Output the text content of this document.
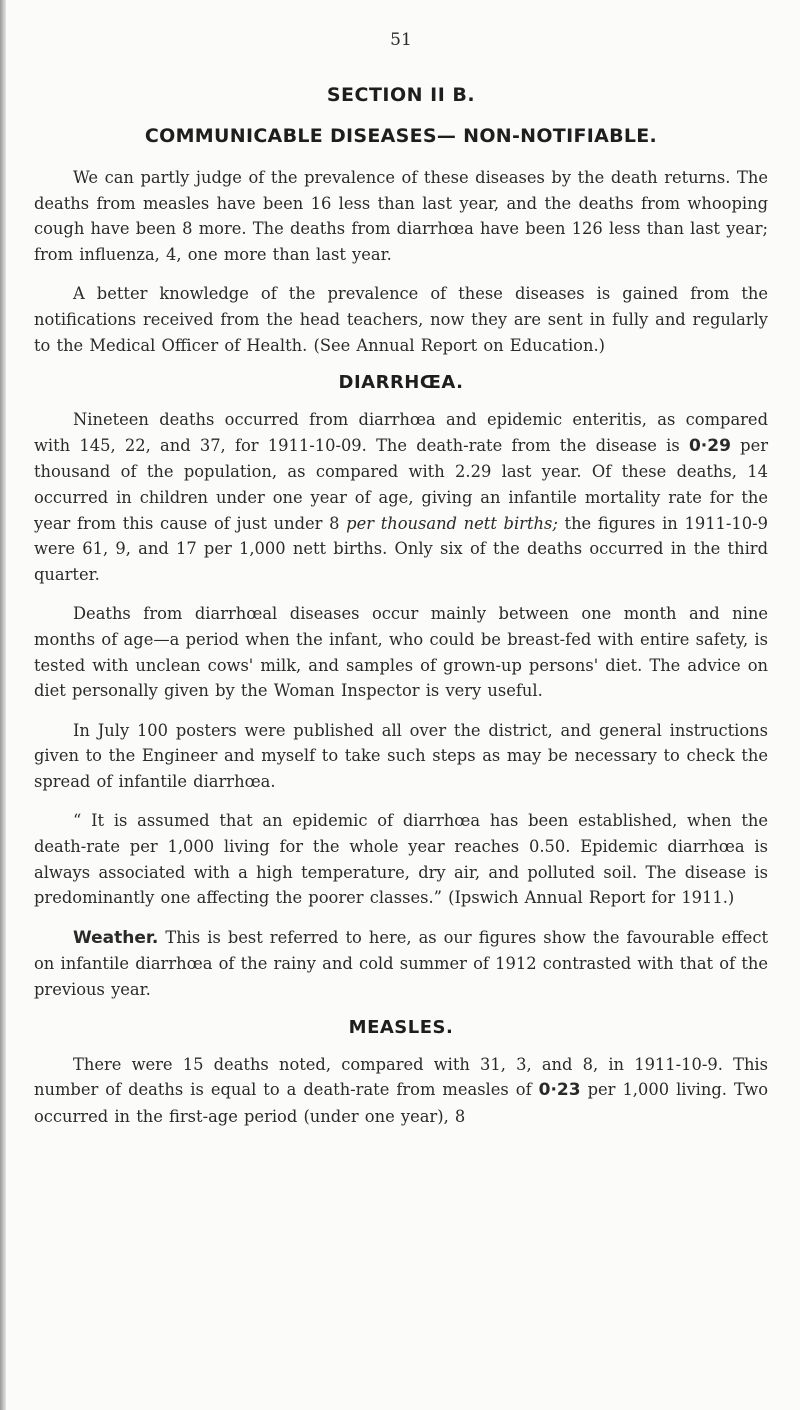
51
SECTION II B.
COMMUNICABLE DISEASES— NON-NOTIFIABLE.

We can partly judge of the prevalence of these diseases by the death returns. The deaths from measles have been 16 less than last year, and the deaths from whooping cough have been 8 more. The deaths from diarrhœa have been 126 less than last year; from influenza, 4, one more than last year.

A better knowledge of the prevalence of these diseases is gained from the notifications received from the head teachers, now they are sent in fully and regularly to the Medical Officer of Health. (See Annual Report on Education.)

DIARRHŒA.

Nineteen deaths occurred from diarrhœa and epidemic enteritis, as compared with 145, 22, and 37, for 1911-10-09. The death-rate from the disease is 0·29 per thousand of the population, as compared with 2.29 last year. Of these deaths, 14 occurred in children under one year of age, giving an infantile mortality rate for the year from this cause of just under 8 per thousand nett births; the figures in 1911-10-9 were 61, 9, and 17 per 1,000 nett births. Only six of the deaths occurred in the third quarter.

Deaths from diarrhœal diseases occur mainly between one month and nine months of age—a period when the infant, who could be breast-fed with entire safety, is tested with unclean cows' milk, and samples of grown-up persons' diet. The advice on diet personally given by the Woman Inspector is very useful.

In July 100 posters were published all over the district, and general instructions given to the Engineer and myself to take such steps as may be necessary to check the spread of infantile diarrhœa.

“ It is assumed that an epidemic of diarrhœa has been established, when the death-rate per 1,000 living for the whole year reaches 0.50. Epidemic diarrhœa is always associated with a high temperature, dry air, and polluted soil. The disease is predominantly one affecting the poorer classes.” (Ipswich Annual Report for 1911.)

Weather. This is best referred to here, as our figures show the favourable effect on infantile diarrhœa of the rainy and cold summer of 1912 contrasted with that of the previous year.

MEASLES.

There were 15 deaths noted, compared with 31, 3, and 8, in 1911-10-9. This number of deaths is equal to a death-rate from measles of 0·23 per 1,000 living. Two occurred in the first-age period (under one year), 8
